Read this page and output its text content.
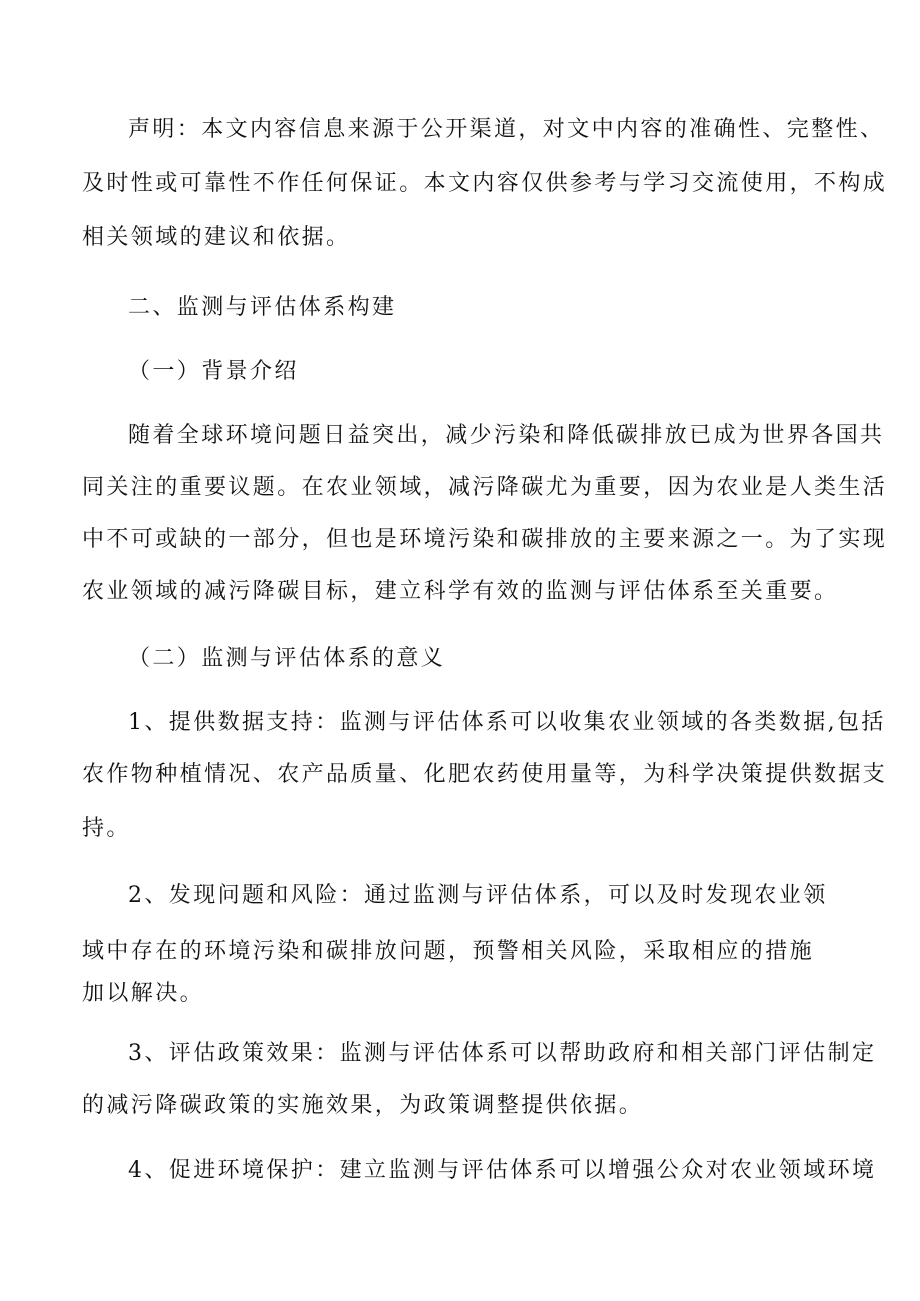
声明：本文内容信息来源于公开渠道，对文中内容的准确性、完整性、
及时性或可靠性不作任何保证。本文内容仅供参考与学习交流使用，不构成
相关领域的建议和依据。
二、监测与评估体系构建
（一）背景介绍
随着全球环境问题日益突出，减少污染和降低碳排放已成为世界各国共
同关注的重要议题。在农业领域，减污降碳尤为重要，因为农业是人类生活
中不可或缺的一部分，但也是环境污染和碳排放的主要来源之一。为了实现
农业领域的减污降碳目标，建立科学有效的监测与评估体系至关重要。
（二）监测与评估体系的意义
1、提供数据支持：监测与评估体系可以收集农业领域的各类数据,包括
农作物种植情况、农产品质量、化肥农药使用量等，为科学决策提供数据支
持。
2、发现问题和风险：通过监测与评估体系，可以及时发现农业领
域中存在的环境污染和碳排放问题，预警相关风险，采取相应的措施
加以解决。
3、评估政策效果：监测与评估体系可以帮助政府和相关部门评估制定
的减污降碳政策的实施效果，为政策调整提供依据。
4、促进环境保护：建立监测与评估体系可以增强公众对农业领域环境
